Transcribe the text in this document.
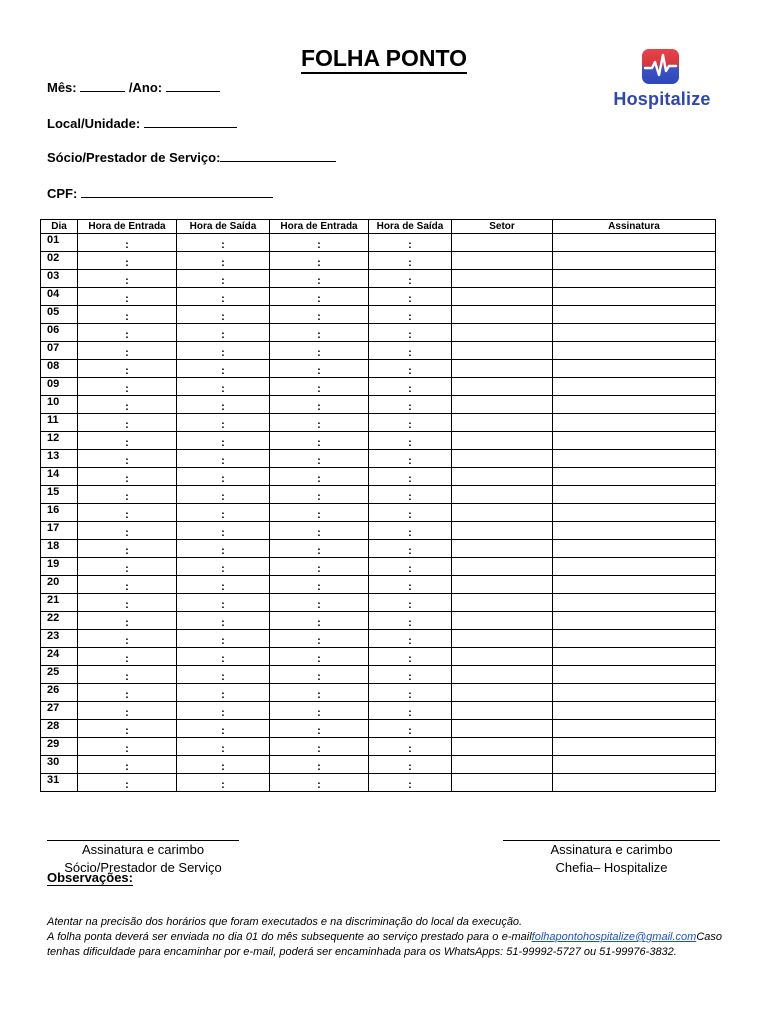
FOLHA PONTO
Hospitalize
Mês:	/Ano:
Local/Unidade:
Sócio/Prestador de Serviço:
CPF:
Dia	Hora de Entrada	Hora de Saída	Hora de Entrada	Hora de Saída	Setor	Assinatura
01	:	:	:	:		
02	:	:	:	:		
03	:	:	:	:		
04	:	:	:	:		
05	:	:	:	:		
06	:	:	:	:		
07	:	:	:	:		
08	:	:	:	:		
09	:	:	:	:		
10	:	:	:	:		
11	:	:	:	:		
12	:	:	:	:		
13	:	:	:	:		
14	:	:	:	:		
15	:	:	:	:		
16	:	:	:	:		
17	:	:	:	:		
18	:	:	:	:		
19	:	:	:	:		
20	:	:	:	:		
21	:	:	:	:		
22	:	:	:	:		
23	:	:	:	:		
24	:	:	:	:		
25	:	:	:	:		
26	:	:	:	:		
27	:	:	:	:		
28	:	:	:	:		
29	:	:	:	:		
30	:	:	:	:		
31	:	:	:	:		
Assinatura e carimbo
Sócio/Prestador de Serviço
Assinatura e carimbo
Chefia– Hospitalize
Observações:
Atentar na precisão dos horários que foram executados e na discriminação do local da execução.
A folha ponta deverá ser enviada no dia 01 do mês subsequente ao serviço prestado para o e-mailfolhapontohospitalize@gmail.comCaso tenhas dificuldade para encaminhar por e-mail, poderá ser encaminhada para os WhatsApps: 51-99992-5727 ou 51-99976-3832.
